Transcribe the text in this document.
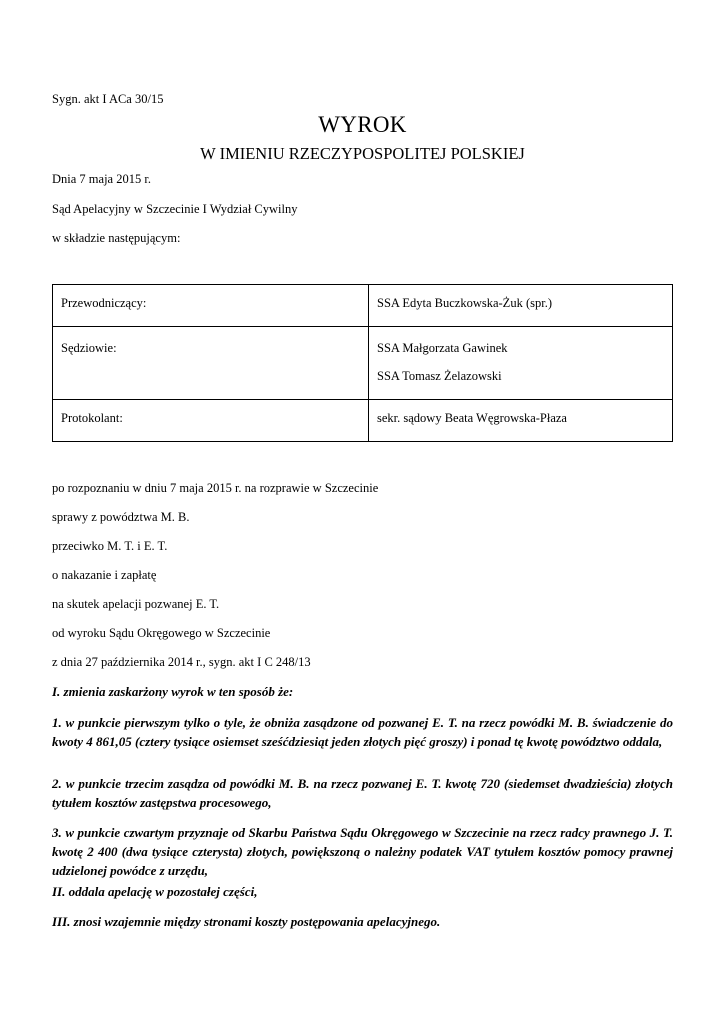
Sygn. akt I ACa 30/15
WYROK
W IMIENIU RZECZYPOSPOLITEJ POLSKIEJ
Dnia 7 maja 2015 r.
Sąd Apelacyjny w Szczecinie I Wydział Cywilny
w składzie następującym:
Przewodniczący:	SSA Edyta Buczkowska-Żuk (spr.)

Sędziowie:	SSA Małgorzata Gawinek
SSA Tomasz Żelazowski

Protokolant:	sekr. sądowy Beata Węgrowska-Płaza
po rozpoznaniu w dniu 7 maja 2015 r. na rozprawie w Szczecinie
sprawy z powództwa M. B.
przeciwko M. T. i E. T.
o nakazanie i zapłatę
na skutek apelacji pozwanej E. T.
od wyroku Sądu Okręgowego w Szczecinie
z dnia 27 października 2014 r., sygn. akt I C 248/13
I. zmienia zaskarżony wyrok w ten sposób że:
1. w punkcie pierwszym tylko o tyle, że obniża zasądzone od pozwanej E. T. na rzecz powódki M. B. świadczenie do kwoty 4 861,05 (cztery tysiące osiemset sześćdziesiąt jeden złotych pięć groszy) i ponad tę kwotę powództwo oddala,
2. w punkcie trzecim zasądza od powódki M. B. na rzecz pozwanej E. T. kwotę 720 (siedemset dwadzieścia) złotych tytułem kosztów zastępstwa procesowego,
3. w punkcie czwartym przyznaje od Skarbu Państwa Sądu Okręgowego w Szczecinie na rzecz radcy prawnego J. T. kwotę 2 400 (dwa tysiące czterysta) złotych, powiększoną o należny podatek VAT tytułem kosztów pomocy prawnej udzielonej powódce z urzędu,
II. oddala apelację w pozostałej części,
III. znosi wzajemnie między stronami koszty postępowania apelacyjnego.
